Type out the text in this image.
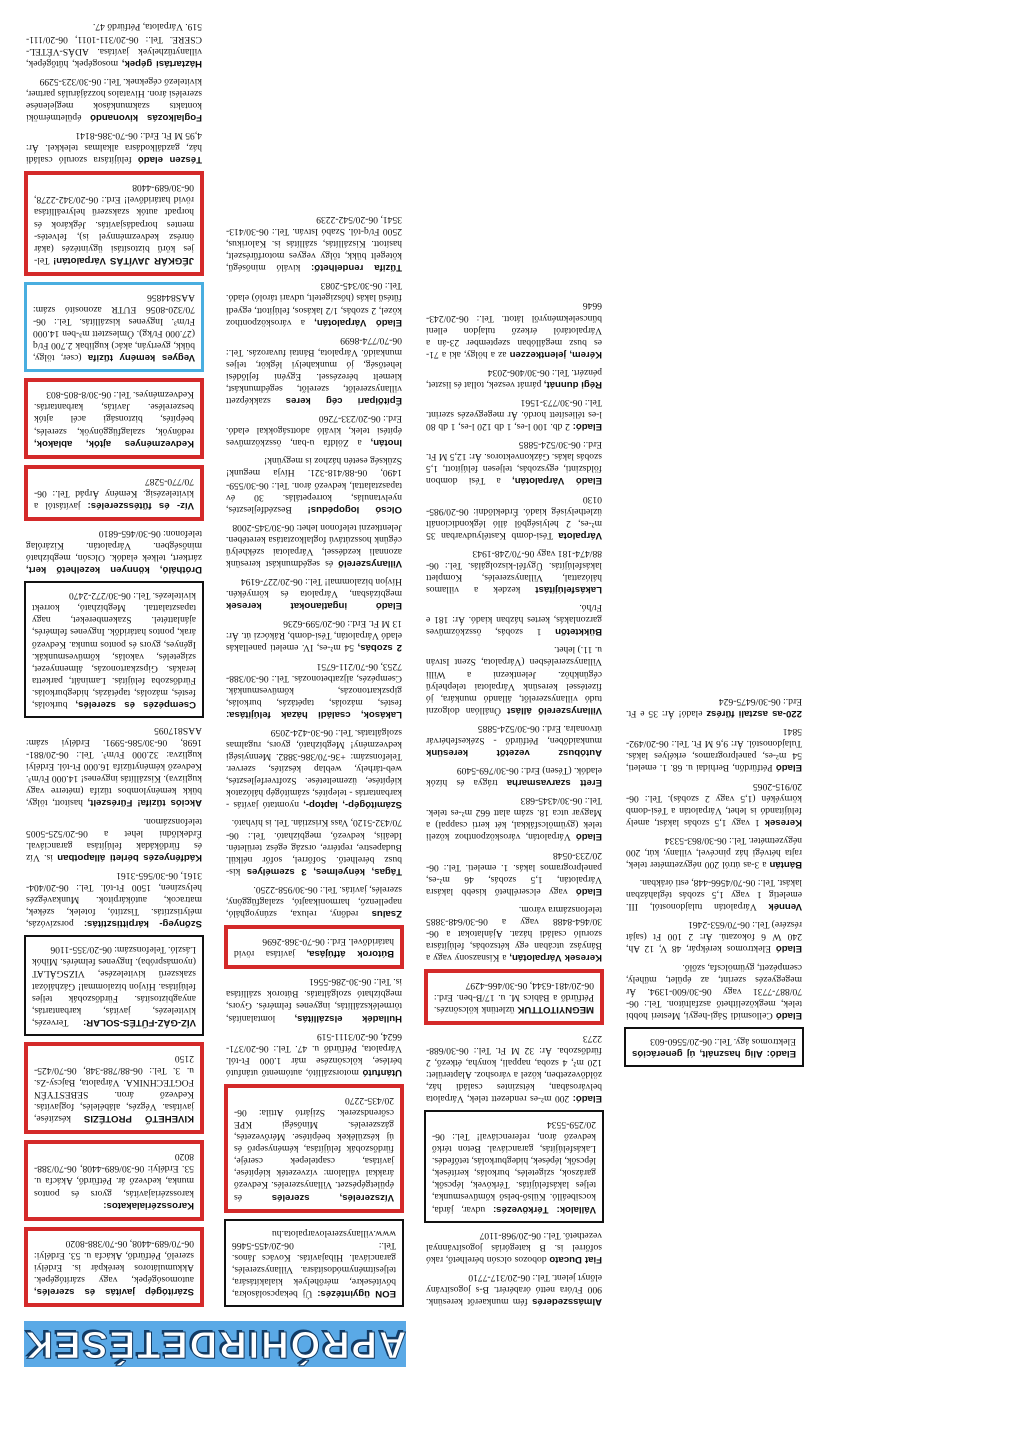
APRÓHIRDETÉSEK

Szárítógép javítás és szerelés, automosógépek, vagy szárítógépek. Akkumulátoros kerékpár is. Erdélyi szerelő, Pétfürdő, Akácfa u. 53. Erdélyi: 06-70/689-4408, 06-70/388-8020

Karosszérialakatos: karosszériajavítás, gyors és pontos munka, kedvező ár. Pétfürdő, Akácfa u. 53. Erdélyi: 06-30/689-4408, 06-70/388-8020

KIVEHETŐ PROTÉZIS készítése, javítása. Végzés, alábélelés, fogjavítás. Kedvező áron. SEBESTYÉN FOGTECHNIKA. Várpalota, Bajcsy-Zs. u. 3. Tel.: 06-88/788-348, 06-70/425-2150

VÍZ-GÁZ-FŰTÉS-SOLAR: Tervezés, kivitelezés, javítás, karbantartás, anyagbiztosítás. Fürdőszobák teljes felújítása. Hívjon bizalommal! Gázhálózat szakszerű kivitelezése, VIZSGÁLAT (nyomáspróba). Ingyenes felmérés. Mihók László. Telefonszám: 06-20/355-1106

Szőnyeg- kárpittisztítás: porszívózás, mélytisztítás. Tisztító, fotelek, székek, matracok, autókárpitok. Munkavégzés helyszínen, 1500 Ft-tól. Tel.: 06-20/404-3161, 06-30/565-3161

Kádfényezés bérleti állapotban is. Víz és fürdőkádak felújítása garanciával. Érdeklődni lehet a 06-20/525-5005 telefonszámon.

Akciós tűzifa! Fűrészelt, hasított, tölgy, bükk keménylombos tűzifa (méterre vagy kuglizva). Kiszállítás ingyenes! 14.000 Ft/m³. Kedvező kéménytűzifa 16.000 Ft-tól. Erdélyi kuglizva: 32.000 Ft/m³. Tel.: 06-20/881-1698, 06-30/586-5991. Erdélyi szám: AAS817095

Csempézés és szerelés, burkolás, festés, mázolás, tapétázás, hidegburkolás. Fürdőszoba felújítás. Laminált, parketta lerakás. Gipszkartonozás, álmennyezet, szigetelés, vakolás, kőművesmunkák. Igényes, gyors és pontos munka. Kedvező árak, pontos határidők. Ingyenes felmérés, ajánlattétel. Szakembereket, nagy tapasztalattal. Megbízható, korrekt kivitelezés. Tel.: 06-30/272-2470

Drótháló, könnyen kezelhető kert, zártkert, telkek eladók. Olcsón, megbízható minőségben. Várpalotán. Kizárólag telefonon: 06-30/465-6810

Víz- és fűtésszerelés: javítástól a kivitelezésig. Kemény Árpád Tel.: 06-70/770-5287

Kedvezményes ajtók, ablakok, redőnyök, szalagfüggönyök, szerelés, beépítés, biztonsági acél ajtók beszerelése. Javítás, karbantartás. Kedvezményes. Tel.: 06-30/8-805-803

Vegyes kemény tűzifa (cser, tölgy, bükk, gyertyán, akác) kuglibak 2.700 Ft/q (27.000 Ft/kg). Ömlesztett m³-ben 14.000 Ft/m³. Ingyenes kiszállítás. Tel.: 06-70/320-8056 EUTR azonosító szám: AAS844856

JÉGKÁR JAVÍTÁS Várpalotán! Tel-jes körű biztosítási ügyintézés (akár önrész kedvezménnyel is), felvetés-mentes horpadásjavítás. Jégkárok és horpadt autók szakszerű helyreállítása rövid határidővel! Erd.: 06-20/342-2278, 06-30/689-4408

Tészen eladó felújításra szoruló családi ház, gazdálkodásra alkalmas telekkel. Ár: 4,95 M Ft. Erd.: 06-70-386-8141

Foglalkozás kivonandó épületmérnöki kontakts szakmunkások megjelenése szerelési áron. Hivatalos hozzájárulás partner, kivitelező cégeknek. Tel.: 06-30/323-5299

Háztartási gépek, mosogépek, hűtőgépek, villanytűzhelyek javítása. ADÁS-VÉTEL-CSERE. Tel.: 06-20/311-1011, 06-20/111-519. Várpalota, Pétfürdő 47.

EON ügyintézés: Új bekapcsolásokra, bővítésekre, mérőhelyek kialakítására, teljesítménymódosításra. Villanyszerelés, garanciával. Hibajavítás. Kovács János. Tel.: 06-20/455-5466 www.villanyszerelovarpalota.hu

Vízszerelés, szerelés és épületgépészet. Villanyszerelés. Kedvező árakkal vállalom: vízvezeték kiépítése, javítása, csaptelepek cseréje, fürdőszobák felújítása, kéményseprő és új készülékek beépítése. Mérővezetés, gázszerelés. Minőségi KPE csőrendszerek. Szijártó Attila: 06-20/435-2270

Utánfutó motorszállító, autómentő utánfutó bérlése, kölcsönzése már 1.000 Ft-tól. Várpalota, Pétfürdő u. 47. Tel.: 06-20/371-6624, 06-20/3111-519

Hulladék elszállítás, lomtalanítás, törmelékszállítás, ingyenes felmérés. Gyors, megbízható szolgáltatás. Bútorok szállítása is. Tel.: 06-30-286-5561

Bútorok átfújása, javítása rövid határidővel. Erd.: 06-70-368-2696

Zsalus redőny, reluxa, szúnyogháló, napellenző, harmonikaajtó, szalagfüggöny, szerelés, javítás. Tel.: 06-30/958-2250.

Tágas, kényelmes, 3 személyes kis-busz bérelhető. Sofőrrel, sofőr nélkül. Budapestre, reptérre, ország egész területén. Ideális, kedvező, megbízható. Tel.: 06-70/432-5120, Vass Krisztián. Tel. is hívható.

Számítógép-, laptop-, nyomtató javítás - karbantartás - telepítés, számítógép hálózatok kiépítése, üzemeltetése. Szoftverfejlesztés, web-tárhely, weblap készítés, szerver. Telefonszám: +36-70/386-3882. Mennyiségi kedvezmény! Megbízható, gyors, rugalmas szolgáltatás. Tel.: 06-30-424-2059

Lakások, családi házak felújítása: festés, mázolás, tapétázás, burkolás, gipszkartonozás, kőművesmunkák. Csempézés, aljzatbetonozás. Tel.: 06-30/388-7253, 06-70/211-6751

2 szobás, 54 m²-es, IV. emeleti panellakás eladó Várpalotán, Tési-domb, Rákóczi út. Ár: 13 M Ft. Erd.: 06-20/599-6236

Eladó ingatlanokat keresek megbízásban, Várpalota és környékén. Hívjon bizalommal! Tel.: 06-20/227-6194

Villanyszerelő és segédmunkást keresünk azonnali kezdéssel, Várpalotai székhelyű cégünk hosszútávú foglalkoztatása keretében. Jelentkezni telefonon lehet: 06-30/345-2008

Olcsó logopédus! Beszédfejlesztés, nyelvtanulás, korrepetálás. 30 év tapasztalattal, kedvező áron. Tel.: 06-30/559-1490, 06-88/418-321. Hívja megunk! Szükség esetén házhoz is megyünk!

Inotán, a Zöldfa u-ban, összközműves építési telek, kiváló adottságokkal eladó. Erd.: 06-20/233-7260

Építőipari cég keres szakképzett villanyszerelőt, szerelőt, segédmunkást, kiemelt bérezéssel. Egyéni fejlődési lehetőség, jó munkahelyi légkör, teljes munkaidő. Várpalota, Bántai fuvarozás. Tel.: 06-70/774-8699

Eladó Várpalotán, a városközponthoz közel, 2 szobás, 1/2 lakásos, felújított, egyedi fűtésű lakás (hőszigetelt, udvari tároló) eladó. Tel.: 06-30/345-2083

Tűzifa rendelhető: kiváló minőségű, kötegelt bükk, tölgy vegyes motorfűrészelt, hasított. Kiszállítás, szállítás is. Kalorikus, 2500 Ft/q-tól. Szabó István. Tel.: 06-30/413-3541, 06-20/542-2239

Almásszederés fém munkaerőt keresünk. 900 Ft/óra nettó órabérért. B-s jogosítvány előnyt jelent. Tel.: 06-20/317-7710

Fiat Ducato dobozos olcsón bérelhető, rakó sofőrrel is. B kategóriás jogosítvánnyal vezethető. Tel.: 06-20/968-1107

Vállalok: Térkövezés: udvar, járda, kocsibeálló. Külső-belső kőművesmunka, teljes lakásfelújítás. Térkövek, lépcsők, garázsok, szigetelés, burkolás, kerítések, lépcsők, lépések, hidegburkolás, tetőfedés. Lakásfelújítás, garanciával. Beton térkő kedvező áron, referenciával! Tel.: 06-20/259-5534

Eladó: 200 m²-es rendezett telek, Várpalota belvárosában, kétszintes családi ház, zöldövezetben, közel a városhoz. Alapterület: 120 m², 4 szoba, nappali, konyha, étkező, 2 fürdőszoba. Ár: 32 M Ft. Tel.: 06-30/688-2273

MEGNYITOTTUK üzletünk kölcsönzés. Pétfürdő a Bábics M. u. 17/B-ben. Erd.: 06-20/481-6344, 06-30/466-4297

Keresek Várpalotán, a Kisnazsony vagy a Bányász utcában egy kétszobás, felújításra szoruló családi házat. Ajánlatokat a 06-30/464-8488 vagy a 06-30/648-3885 telefonszámra várom.

Eladó vagy elcserélhető kisebb lakásra Várpalotán, 1,5 szobás, 46 m²-es, panelprogramos lakás. 1. emeleti. Tel.: 06-20/233-0548

Eladó Várpalotán, városközponthoz közeli telek (gyümölcsfákkal, két kerti csappal) a Magyar utca 18. szám alatt 662 m²-es telek. Tel.: 06-30/4345-683

Erett szarvasmarha trágya és hízók eladók. (Tésen) Erd.: 06-30/769-5409

Autóbusz vezetőt keresünk munkaidőben, Pétfürdő - Székesfehérvár útvonalra. Erd.: 06-30/524-5885

Villanyszerelő állást Önállóan dolgozni tudó villanyszerelőt, állandó munkára, jó fizetéssel keresünk Várpalotai telephelyű cégünkhöz. Jelentkezni a Willi Villanyszerelésben (Várpalota, Szent István u. 11.) lehet.

Bükktetőn 1 szobás, összközműves garzonlakás, kertes házban kiadó. Ár: 181 e Ft/hó.

Lakásfelújítást kezdek a villamos hálózattal, Villanyszerelés, Komplett lakásfelújítás. Ügyfél-kiszolgálás. Tel.: 06-88/474-181 vagy 06-70/248-1943

Várpalota Tési-domb Kastélyudvarban 35 m²-es, 2 helyiségből álló légkondicionált üzlethelyiség kiadó. Érdeklődni: 06-20/985-0130

Eladó Várpalotán, a Tési dombon földszinti, egyszobás, teljesen felújított, 1,5 szobás lakás. Gázkonvektoros. Ár: 12,5 M Ft. Erd.: 06-30/524-5885

Eladó: 2 db. 100 l-es, 1 db 120 l-es, 1 db 80 l-es téliesített hordó. Ár megegyezés szerint. Tel.: 06-30/773-1561

Régi dunnát, párnát veszek, tollat és lisztet, pénzért. Tel.: 06-30/406-2034

Kérem, jelentkezzen az a hölgy, aki a 71-es busz megállóban szeptember 23-án a Várpalotáról érkező tulajdon elleni bűncselekményről látott. Tel.: 06-20/243-6646

Eladó: Alig használt, új generációs Elektromos ágy. Tel.: 06-20/5560-603

Eladó Cellosmidi Sági-hegyi, Mesteri hobbi telek, megközelíthető aszfaltúton. Tel.: 06-70/887-7731 vagy 06-30/600-1394. Ár megegyezés szerint, az épület, műhely, csempézett, gyümölcsfa, szőlő.

Eladó Elektromos kerékpár, 48 V, 12 Ah, 240 W 6 fokozatú. Ár: 2 100 Ft (saját részére) Tel.: 06-70/653-2461

Vennék Várpalotán tulajdonostól, III. emeletig 1 vagy 1,5 szobás téglaházban lakást. Tel.: 06-70/4566-448, esti órákban.

Bántán a 3-as útról 200 négyzetméter telek, rajta hétvégi ház pincével, villany, kút, 200 négyzetméter. Tel.: 06-30/863-5334

Keresek 1 vagy 1,5 szobás lakást, amely felújítandó is lehet, Várpalotán a Tési-domb környékén (1,5 vagy 2 szobás). Tel.: 06-20/915-2065

Eladó Pétfürdőn, Berhidai u. 68. 1. emeleti, 54 m²-es, panelprogramos, erkélyes lakás. Tulajdonostól. Ár: 9,6 M Ft. Tel.: 06-20/492-5841

220-as asztali fűrész eladó! Ár: 35 e Ft. Erd.: 06-30/6475-624
